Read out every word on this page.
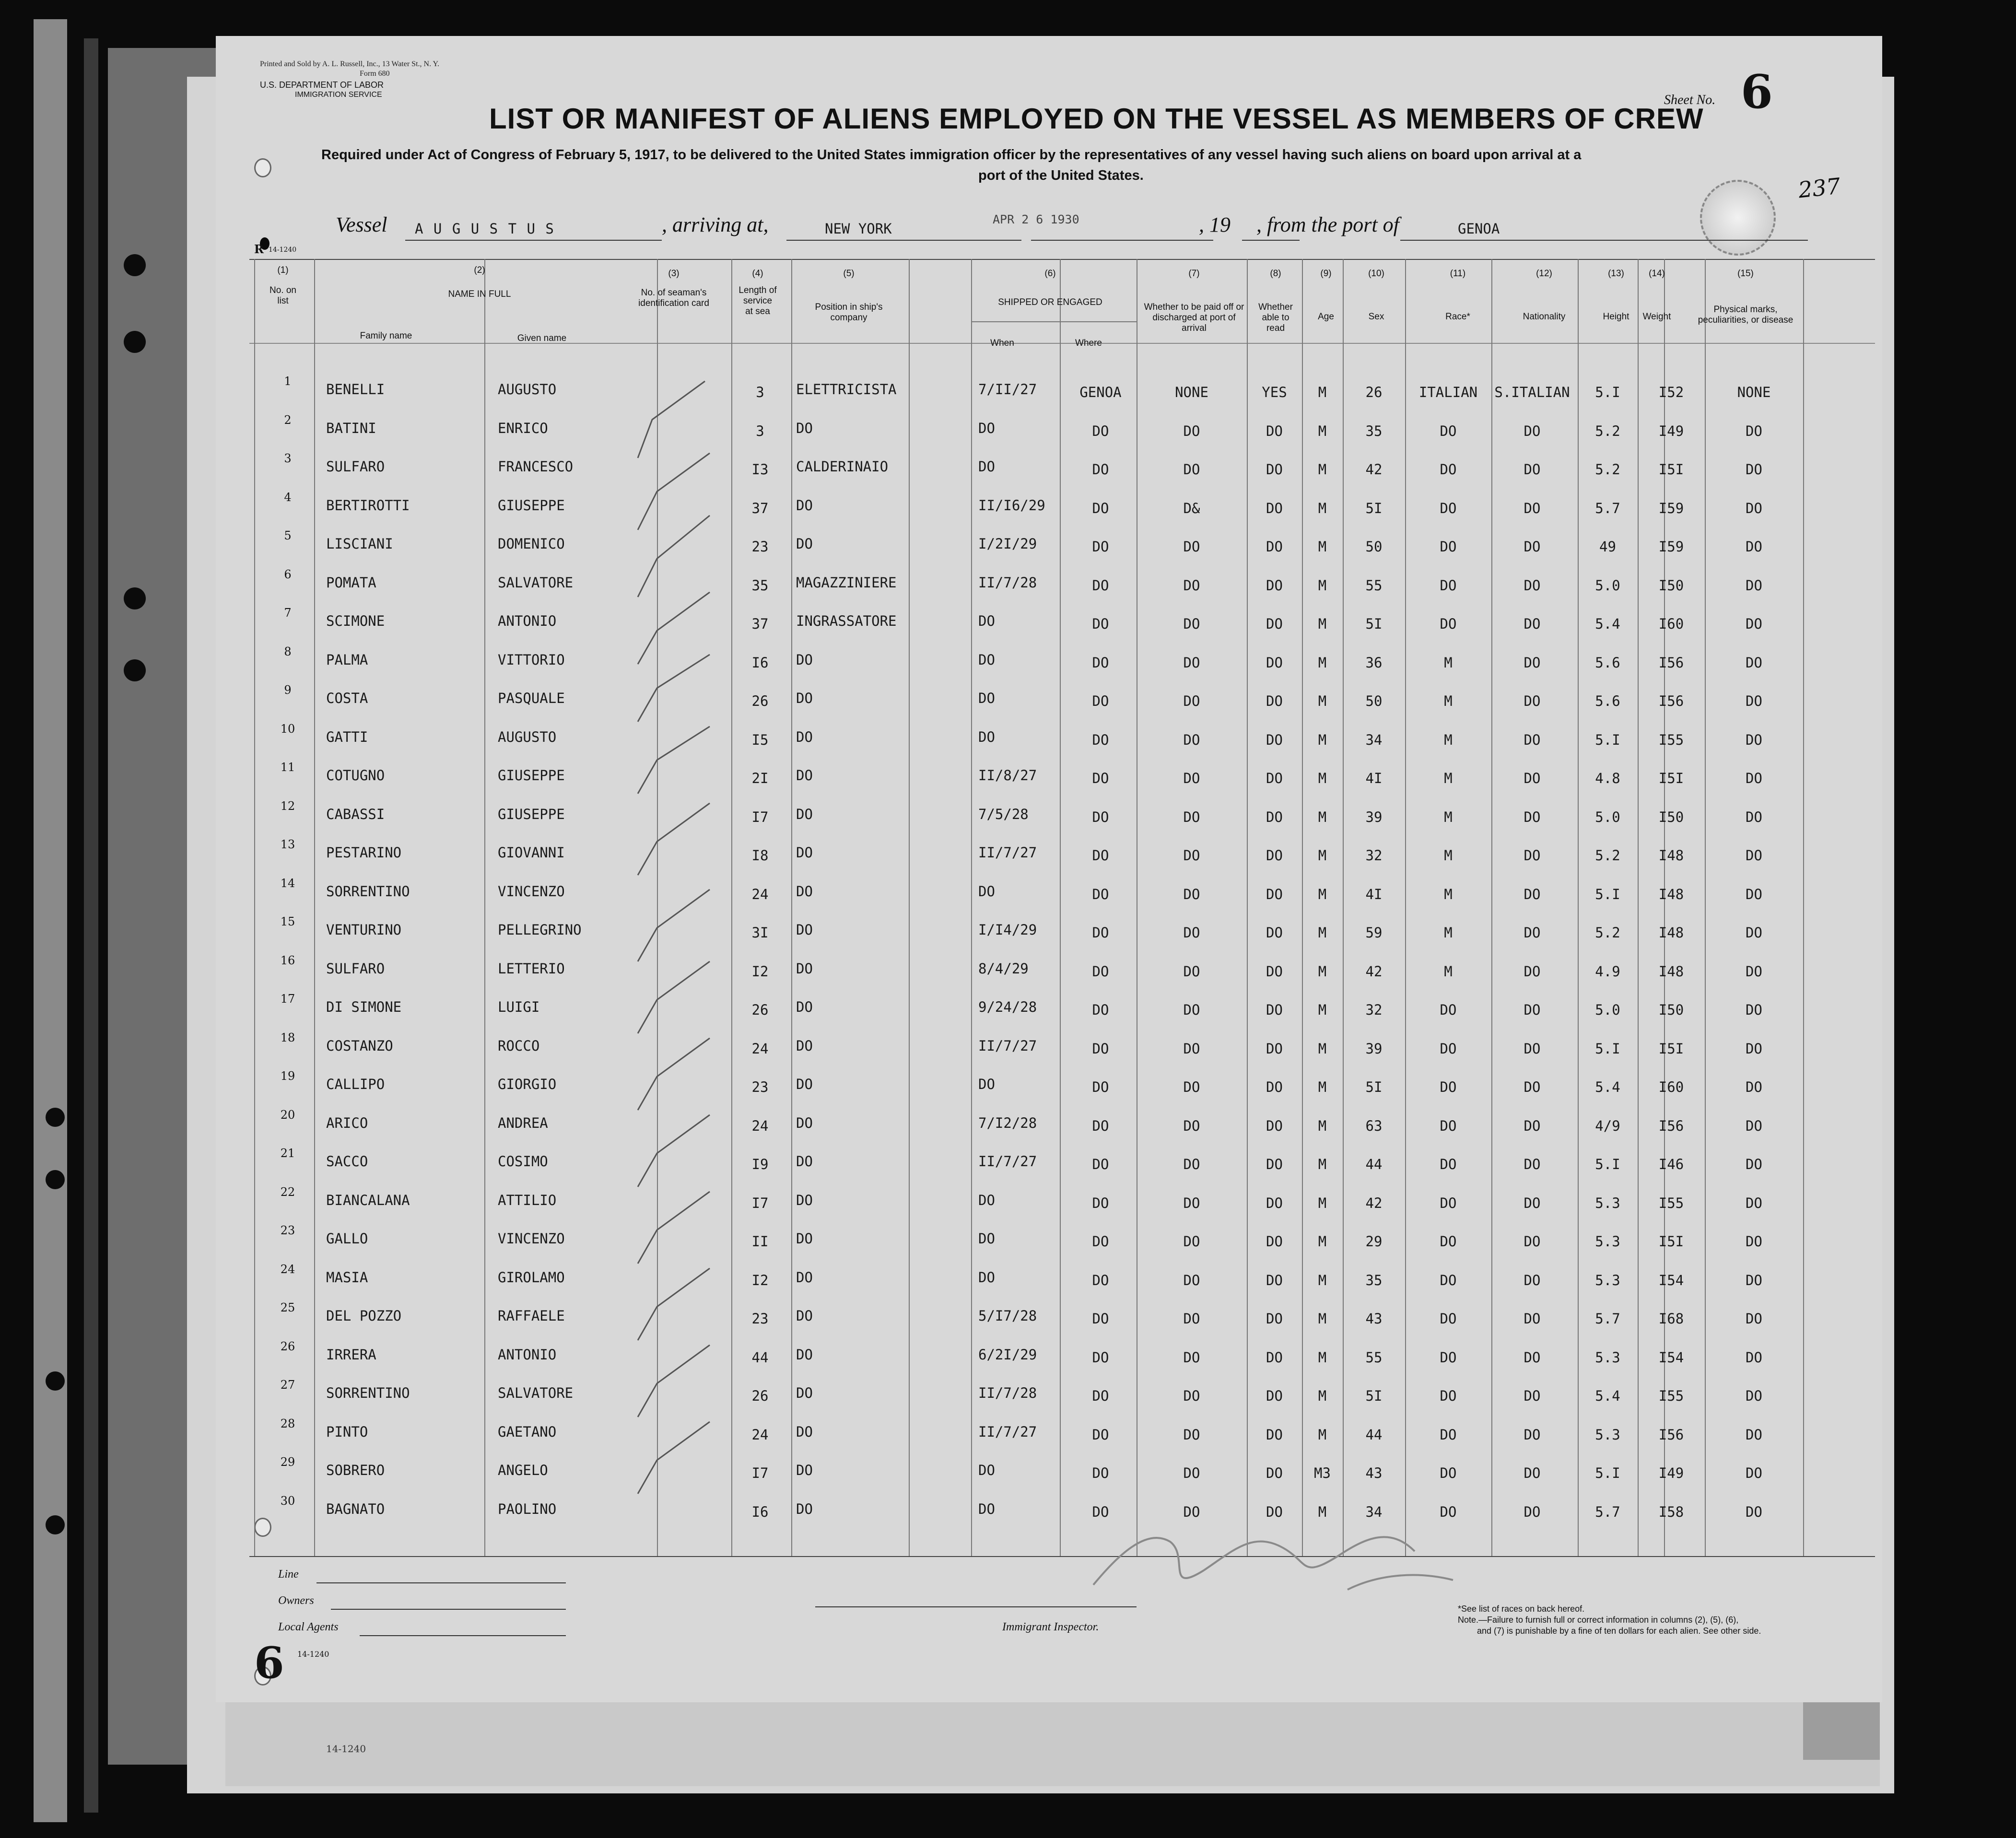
14-1240
Printed and Sold by A. L. Russell, Inc., 13 Water St., N. Y.
Form 680
U.S. DEPARTMENT OF LABOR
IMMIGRATION SERVICE
LIST OR MANIFEST OF ALIENS EMPLOYED ON THE VESSEL AS MEMBERS OF CREW
Required under Act of Congress of February 5, 1917, to be delivered to the United States immigration officer by the representatives of any vessel having such aliens on board upon arrival at a
port of the United States.
Sheet No. 6
237
Vessel A U G U S T U S	, arriving at,	NEW YORK
APR 2 6 1930	, 19 , from the port of	GENOA
R 14-1240
(1)
No. on list
(2)
NAME IN FULL
Family name	Given name
(3)
No. of seaman's identification card
(4)
Length of service at sea
(5)
Position in ship's company
(6)
SHIPPED OR ENGAGED
When	Where
(7)
Whether to be paid off or discharged at port of arrival
(8)
Whether able to read
(9)
Age
(10)
Sex
(11)
Race*
(12)
Nationality
(13)
Height
(14)
Weight
(15)
Physical marks, peculiarities, or disease
1	BENELLI	AUGUSTO	3	ELETTRICISTA	7/II/27	GENOA	NONE	YES	M	26	ITALIAN	S.ITALIAN	5.I	I52	NONE
2	BATINI	ENRICO	3	DO	DO	DO	DO	DO	M	35	DO	DO	5.2	I49	DO
3	SULFARO	FRANCESCO	I3	CALDERINAIO	DO	DO	DO	DO	M	42	DO	DO	5.2	I5I	DO
4	BERTIROTTI	GIUSEPPE	37	DO	II/I6/29	DO	D&	DO	M	5I	DO	DO	5.7	I59	DO
5	LISCIANI	DOMENICO	23	DO	I/2I/29	DO	DO	DO	M	50	DO	DO	49	I59	DO
6	POMATA	SALVATORE	35	MAGAZZINIERE	II/7/28	DO	DO	DO	M	55	DO	DO	5.0	I50	DO
7	SCIMONE	ANTONIO	37	INGRASSATORE	DO	DO	DO	DO	M	5I	DO	DO	5.4	I60	DO
8	PALMA	VITTORIO	I6	DO	DO	DO	DO	DO	M	36	M	DO	5.6	I56	DO
9	COSTA	PASQUALE	26	DO	DO	DO	DO	DO	M	50	M	DO	5.6	I56	DO
10	GATTI	AUGUSTO	I5	DO	DO	DO	DO	DO	M	34	M	DO	5.I	I55	DO
11	COTUGNO	GIUSEPPE	2I	DO	II/8/27	DO	DO	DO	M	4I	M	DO	4.8	I5I	DO
12	CABASSI	GIUSEPPE	I7	DO	7/5/28	DO	DO	DO	M	39	M	DO	5.0	I50	DO
13	PESTARINO	GIOVANNI	I8	DO	II/7/27	DO	DO	DO	M	32	M	DO	5.2	I48	DO
14	SORRENTINO	VINCENZO	24	DO	DO	DO	DO	DO	M	4I	M	DO	5.I	I48	DO
15	VENTURINO	PELLEGRINO	3I	DO	I/I4/29	DO	DO	DO	M	59	M	DO	5.2	I48	DO
16	SULFARO	LETTERIO	I2	DO	8/4/29	DO	DO	DO	M	42	M	DO	4.9	I48	DO
17	DI SIMONE	LUIGI	26	DO	9/24/28	DO	DO	DO	M	32	DO	DO	5.0	I50	DO
18	COSTANZO	ROCCO	24	DO	II/7/27	DO	DO	DO	M	39	DO	DO	5.I	I5I	DO
19	CALLIPO	GIORGIO	23	DO	DO	DO	DO	DO	M	5I	DO	DO	5.4	I60	DO
20	ARICO	ANDREA	24	DO	7/I2/28	DO	DO	DO	M	63	DO	DO	4/9	I56	DO
21	SACCO	COSIMO	I9	DO	II/7/27	DO	DO	DO	M	44	DO	DO	5.I	I46	DO
22	BIANCALANA	ATTILIO	I7	DO	DO	DO	DO	DO	M	42	DO	DO	5.3	I55	DO
23	GALLO	VINCENZO	II	DO	DO	DO	DO	DO	M	29	DO	DO	5.3	I5I	DO
24	MASIA	GIROLAMO	I2	DO	DO	DO	DO	DO	M	35	DO	DO	5.3	I54	DO
25	DEL POZZO	RAFFAELE	23	DO	5/I7/28	DO	DO	DO	M	43	DO	DO	5.7	I68	DO
26	IRRERA	ANTONIO	44	DO	6/2I/29	DO	DO	DO	M	55	DO	DO	5.3	I54	DO
27	SORRENTINO	SALVATORE	26	DO	II/7/28	DO	DO	DO	M	5I	DO	DO	5.4	I55	DO
28	PINTO	GAETANO	24	DO	II/7/27	DO	DO	DO	M	44	DO	DO	5.3	I56	DO
29	SOBRERO	ANGELO	I7	DO	DO	DO	DO	DO	M3	43	DO	DO	5.I	I49	DO
30	BAGNATO	PAOLINO	I6	DO	DO	DO	DO	DO	M	34	DO	DO	5.7	I58	DO
Line
Owners
Local Agents	Immigrant Inspector.
*See list of races on back hereof.
Note.—Failure to furnish full or correct information in columns (2), (5), (6),
and (7) is punishable by a fine of ten dollars for each alien. See other side.
6 14-1240
